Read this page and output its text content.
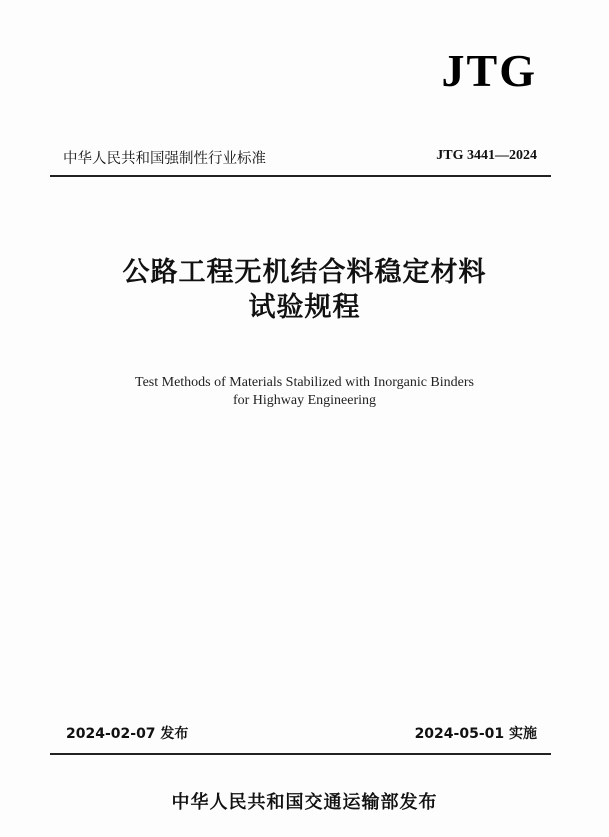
JTG
中华人民共和国强制性行业标准	JTG 3441—2024
公路工程无机结合料稳定材料
试验规程
Test Methods of Materials Stabilized with Inorganic Binders
for Highway Engineering
2024-02-07 发布	2024-05-01 实施
中华人民共和国交通运输部发布
